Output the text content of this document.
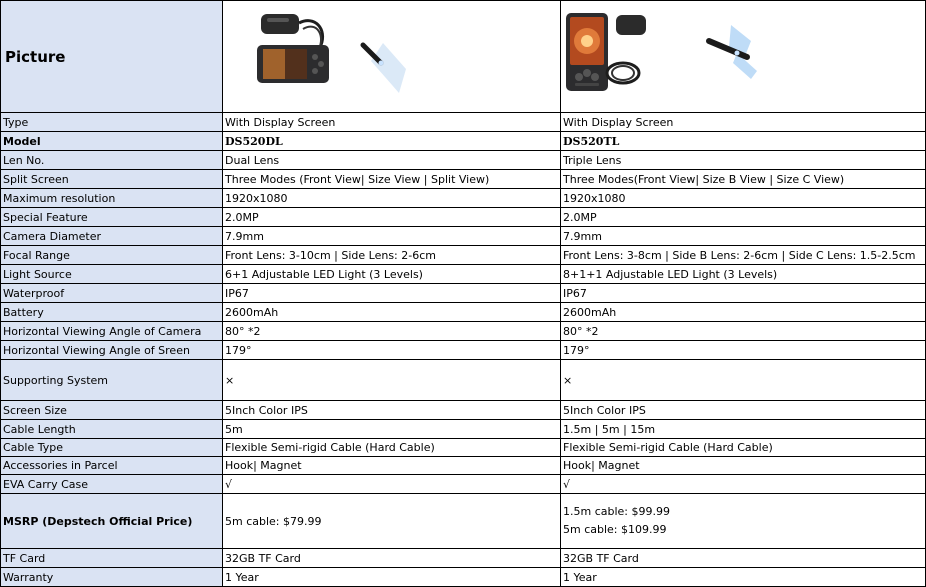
Picture	

Type	With Display Screen	With Display Screen
Model	DS520DL	DS520TL
Len No.	Dual Lens	Triple Lens
Split Screen	Three Modes (Front View| Size View | Split View)	Three Modes(Front View| Size B View | Size C View)
Maximum resolution	1920x1080	1920x1080
Special Feature	2.0MP	2.0MP
Camera Diameter	7.9mm	7.9mm
Focal Range	Front Lens: 3-10cm | Side Lens: 2-6cm	Front Lens: 3-8cm | Side B Lens: 2-6cm | Side C Lens: 1.5-2.5cm
Light Source	6+1 Adjustable LED Light (3 Levels)	8+1+1 Adjustable LED Light (3 Levels)
Waterproof	IP67	IP67
Battery	2600mAh	2600mAh
Horizontal Viewing Angle of Camera	80° *2	80° *2
Horizontal Viewing Angle of Sreen	179°	179°
Supporting System	×	×
Screen Size	5Inch Color IPS	5Inch Color IPS
Cable Length	5m	1.5m | 5m | 15m
Cable Type	Flexible Semi-rigid Cable (Hard Cable)	Flexible Semi-rigid Cable (Hard Cable)
Accessories in Parcel	Hook| Magnet	Hook| Magnet
EVA Carry Case	√	√
MSRP (Depstech Official Price)	5m cable: $79.99	1.5m cable: $99.99
5m cable: $109.99

TF Card	32GB TF Card	32GB TF Card
Warranty	1 Year	1 Year
